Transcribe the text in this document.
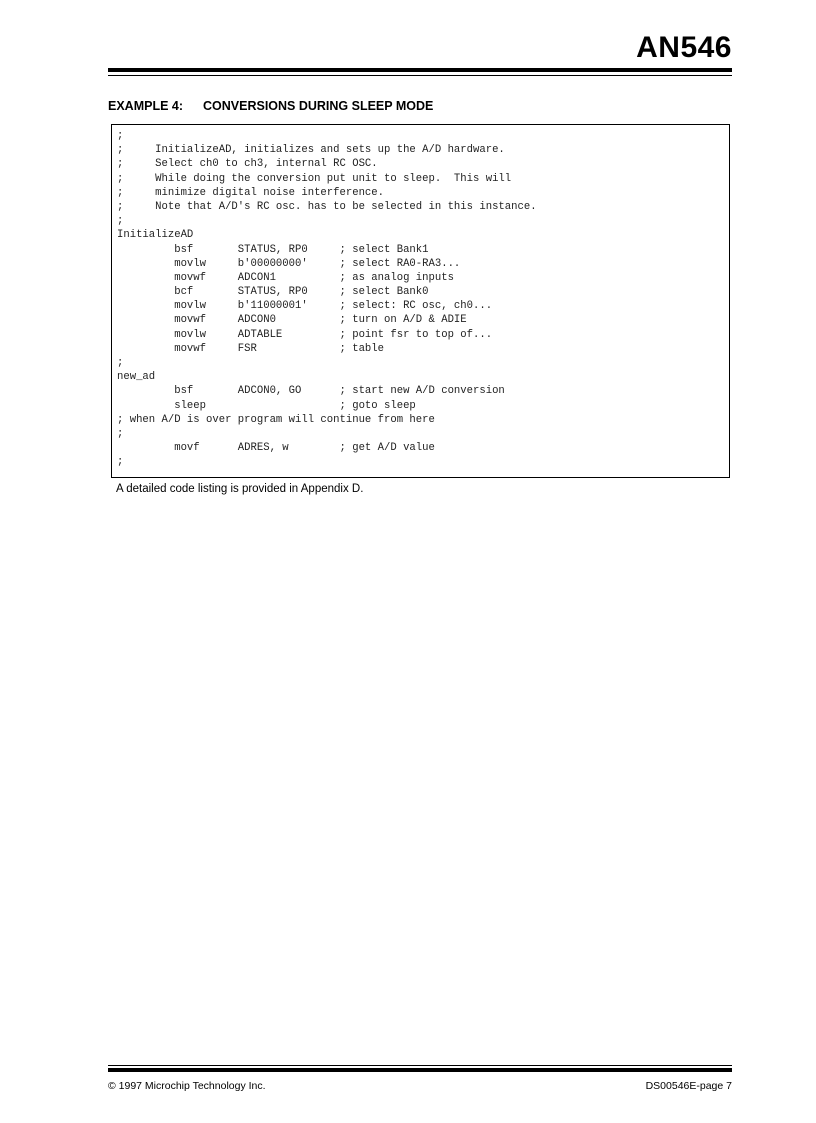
AN546
EXAMPLE 4: CONVERSIONS DURING SLEEP MODE
;
;     InitializeAD, initializes and sets up the A/D hardware.
;     Select ch0 to ch3, internal RC OSC.
;     While doing the conversion put unit to sleep.  This will
;     minimize digital noise interference.
;     Note that A/D's RC osc. has to be selected in this instance.
;
InitializeAD
bsf       STATUS, RP0     ; select Bank1
movlw     b'00000000'     ; select RA0-RA3...
movwf     ADCON1          ; as analog inputs
bcf       STATUS, RP0     ; select Bank0
movlw     b'11000001'     ; select: RC osc, ch0...
movwf     ADCON0          ; turn on A/D & ADIE
movlw     ADTABLE         ; point fsr to top of...
movwf     FSR             ; table
;
new_ad
bsf       ADCON0, GO      ; start new A/D conversion
sleep                     ; goto sleep
; when A/D is over program will continue from here
;
movf      ADRES, w        ; get A/D value
;

A detailed code listing is provided in Appendix D.

© 1997 Microchip Technology Inc.	DS00546E-page 7
